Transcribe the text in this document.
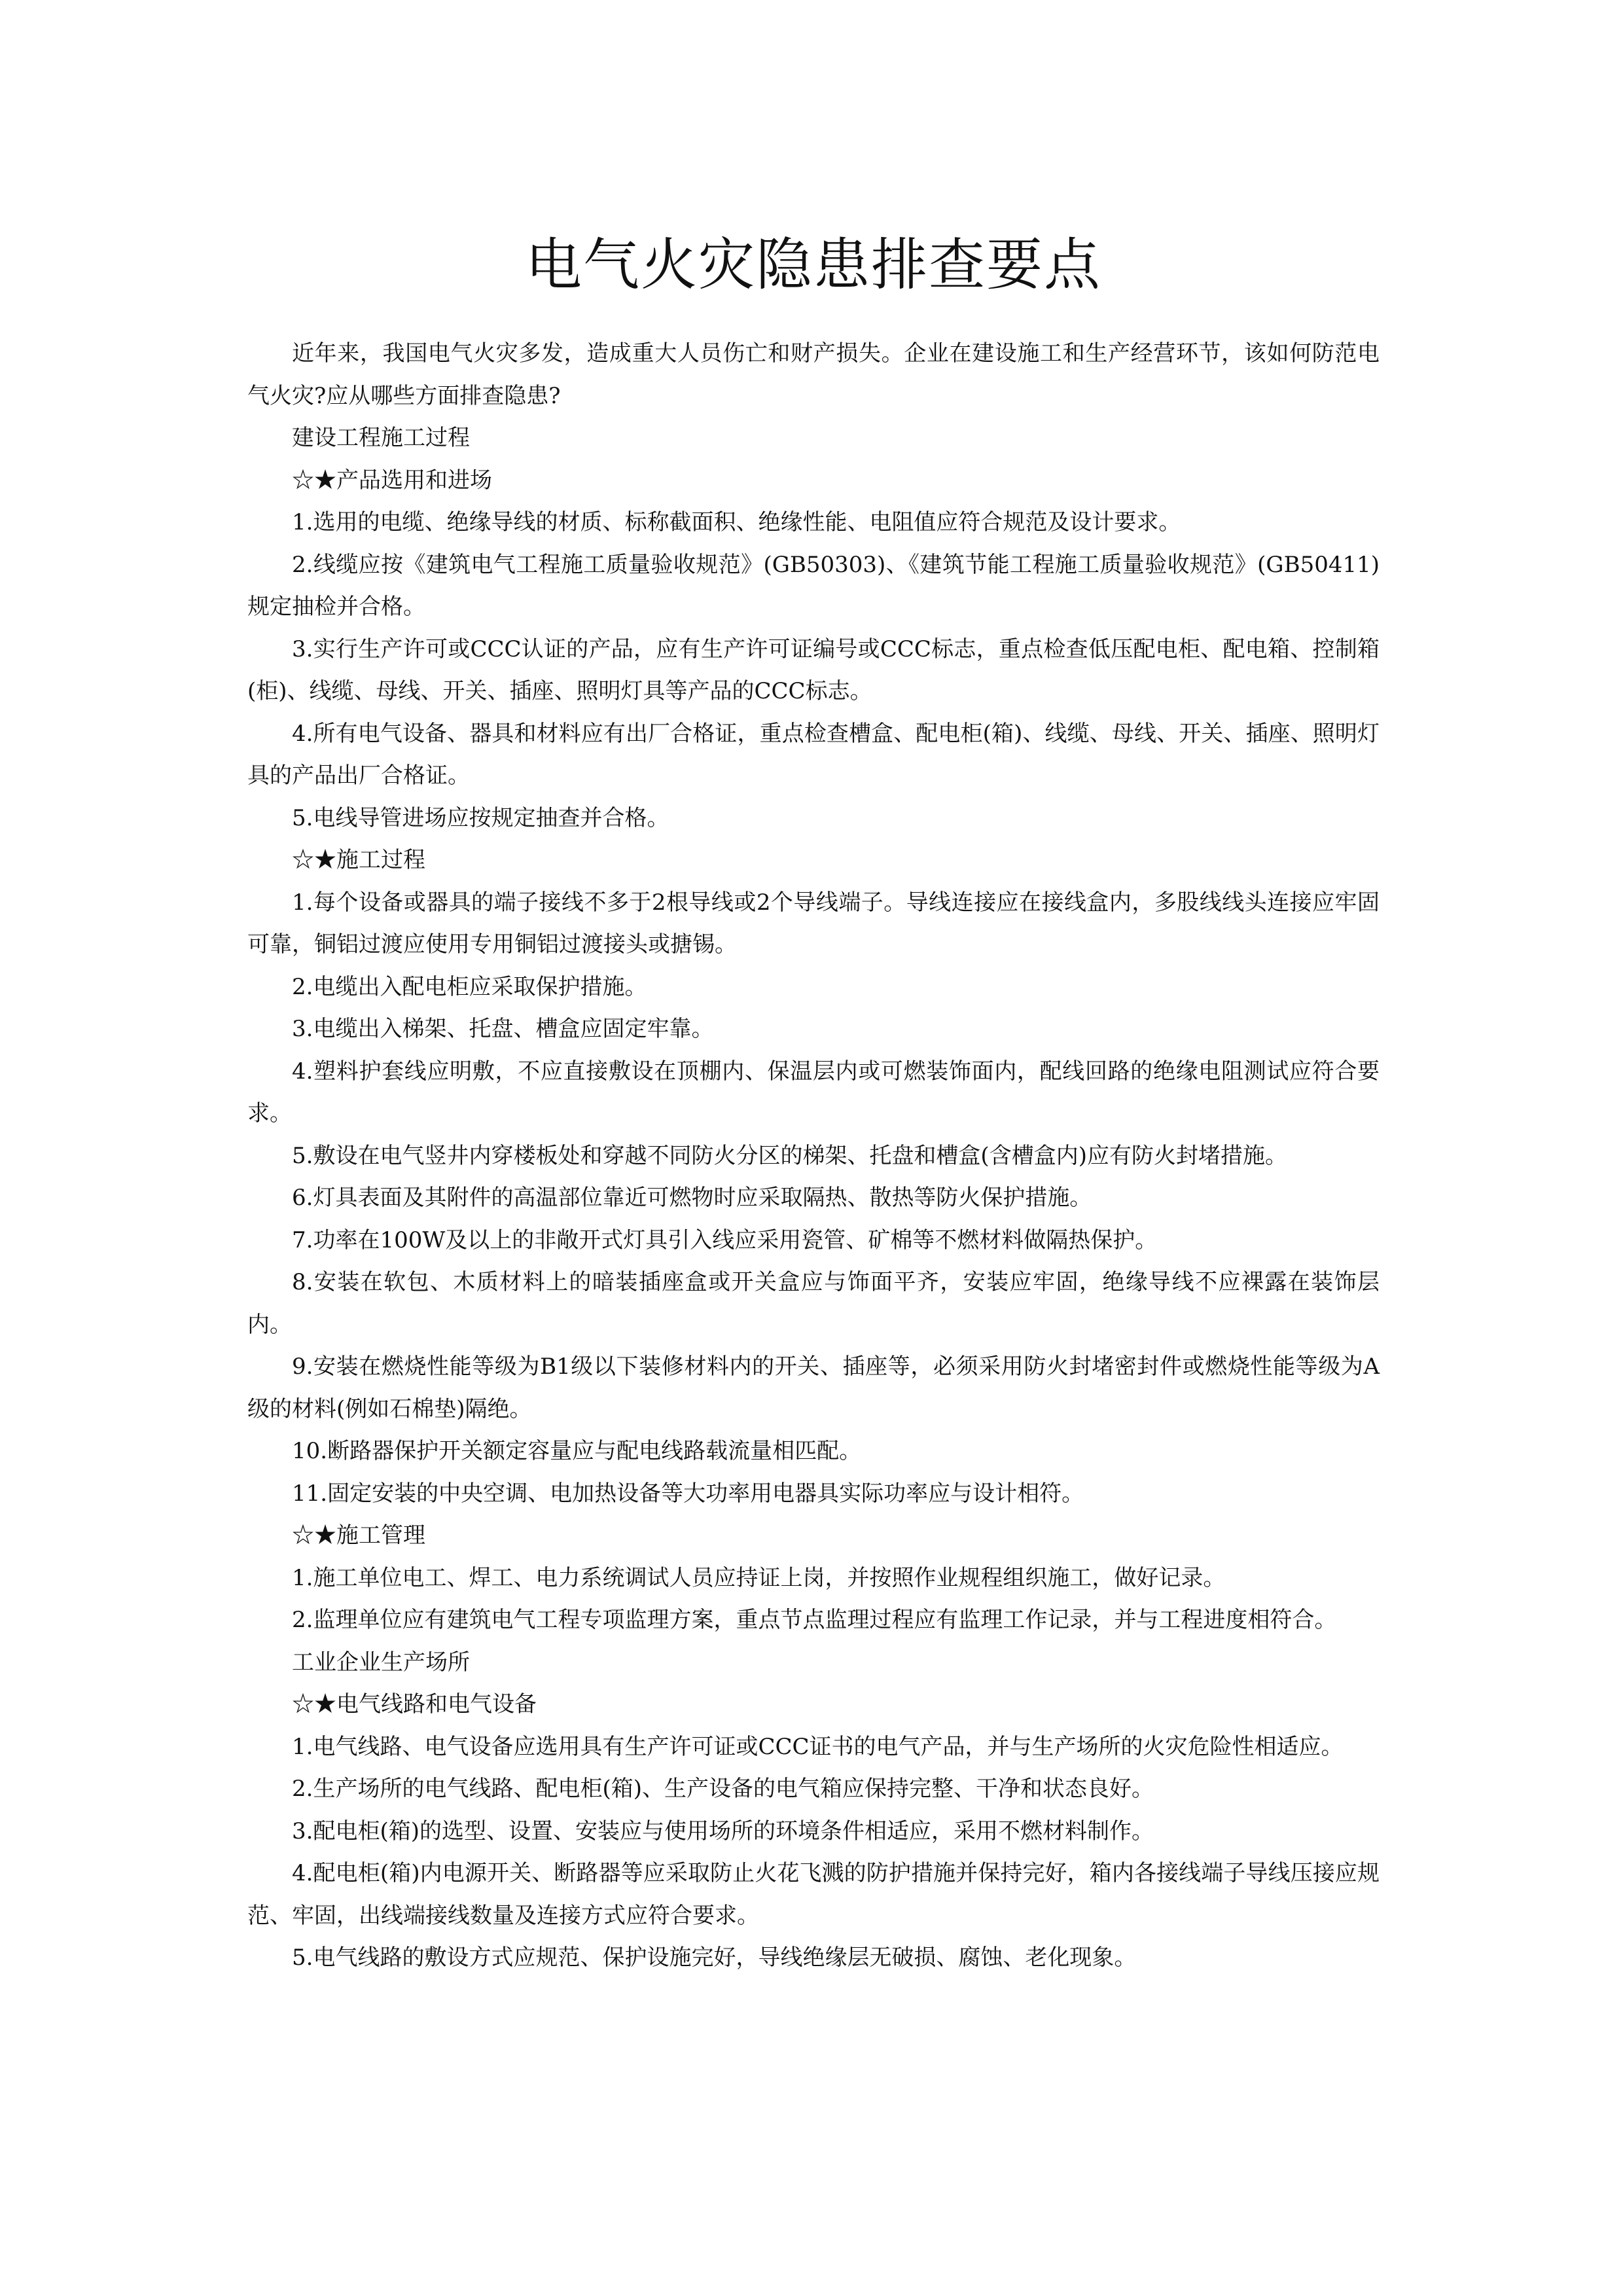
电气火灾隐患排查要点

近年来，我国电气火灾多发，造成重大人员伤亡和财产损失。企业在建设施工和生产经营环节，该如何防范电气火灾?应从哪些方面排查隐患?

建设工程施工过程

☆★产品选用和进场

1.选用的电缆、绝缘导线的材质、标称截面积、绝缘性能、电阻值应符合规范及设计要求。

2.线缆应按《建筑电气工程施工质量验收规范》(GB50303)、《建筑节能工程施工质量验收规范》(GB50411)规定抽检并合格。

3.实行生产许可或CCC认证的产品，应有生产许可证编号或CCC标志，重点检查低压配电柜、配电箱、控制箱(柜)、线缆、母线、开关、插座、照明灯具等产品的CCC标志。

4.所有电气设备、器具和材料应有出厂合格证，重点检查槽盒、配电柜(箱)、线缆、母线、开关、插座、照明灯具的产品出厂合格证。

5.电线导管进场应按规定抽查并合格。

☆★施工过程

1.每个设备或器具的端子接线不多于2根导线或2个导线端子。导线连接应在接线盒内，多股线线头连接应牢固可靠，铜铝过渡应使用专用铜铝过渡接头或搪锡。

2.电缆出入配电柜应采取保护措施。

3.电缆出入梯架、托盘、槽盒应固定牢靠。

4.塑料护套线应明敷，不应直接敷设在顶棚内、保温层内或可燃装饰面内，配线回路的绝缘电阻测试应符合要求。

5.敷设在电气竖井内穿楼板处和穿越不同防火分区的梯架、托盘和槽盒(含槽盒内)应有防火封堵措施。

6.灯具表面及其附件的高温部位靠近可燃物时应采取隔热、散热等防火保护措施。

7.功率在100W及以上的非敞开式灯具引入线应采用瓷管、矿棉等不燃材料做隔热保护。

8.安装在软包、木质材料上的暗装插座盒或开关盒应与饰面平齐，安装应牢固，绝缘导线不应裸露在装饰层内。

9.安装在燃烧性能等级为B1级以下装修材料内的开关、插座等，必须采用防火封堵密封件或燃烧性能等级为A级的材料(例如石棉垫)隔绝。

10.断路器保护开关额定容量应与配电线路载流量相匹配。

11.固定安装的中央空调、电加热设备等大功率用电器具实际功率应与设计相符。

☆★施工管理

1.施工单位电工、焊工、电力系统调试人员应持证上岗，并按照作业规程组织施工，做好记录。

2.监理单位应有建筑电气工程专项监理方案，重点节点监理过程应有监理工作记录，并与工程进度相符合。

工业企业生产场所

☆★电气线路和电气设备

1.电气线路、电气设备应选用具有生产许可证或CCC证书的电气产品，并与生产场所的火灾危险性相适应。

2.生产场所的电气线路、配电柜(箱)、生产设备的电气箱应保持完整、干净和状态良好。

3.配电柜(箱)的选型、设置、安装应与使用场所的环境条件相适应，采用不燃材料制作。

4.配电柜(箱)内电源开关、断路器等应采取防止火花飞溅的防护措施并保持完好，箱内各接线端子导线压接应规范、牢固，出线端接线数量及连接方式应符合要求。

5.电气线路的敷设方式应规范、保护设施完好，导线绝缘层无破损、腐蚀、老化现象。
